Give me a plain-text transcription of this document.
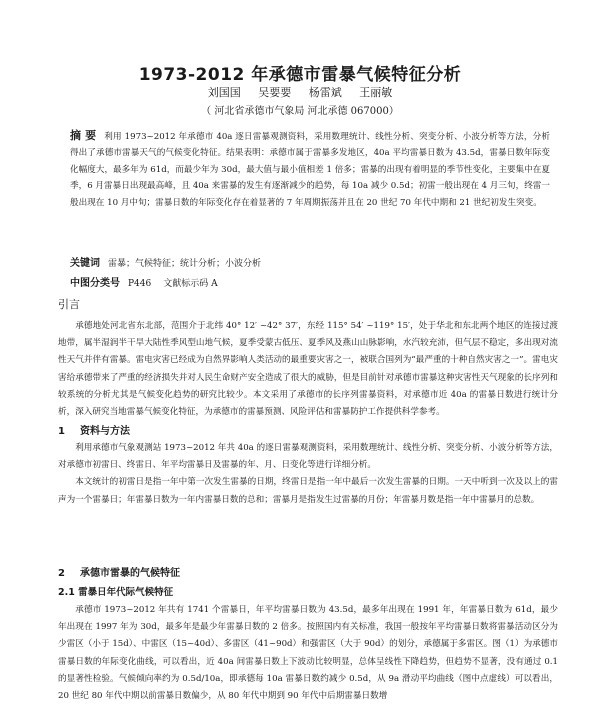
1973-2012 年承德市雷暴气候特征分析
刘国国 吴要要 杨雷斌 王丽敏
（ 河北省承德市气象局 河北承德 067000）
摘 要 利用 1973~2012 年承德市 40a 逐日雷暴观测资料，采用数理统计、线性分析、突变分析、小波分析等方法，分析得出了承德市雷暴天气的气候变化特征。结果表明：承德市属于雷暴多发地区，40a 平均雷暴日数为 43.5d，雷暴日数年际变化幅度大，最多年为 61d，而最少年为 30d，最大值与最小值相差 1 倍多；雷暴的出现有着明显的季节性变化，主要集中在夏季，6 月雷暴日出现最高峰，且 40a 来雷暴的发生有逐渐减少的趋势，每 10a 减少 0.5d；初雷一般出现在 4 月三旬，终雷一般出现在 10 月中旬；雷暴日数的年际变化存在着显著的 7 年周期振荡并且在 20 世纪 70 年代中期和 21 世纪初发生突变。
关键词 雷暴；气候特征；统计分析；小波分析
中图分类号 P446 文献标示码 A
引言

承德地处河北省东北部，范围介于北纬 40° 12′ ~42° 37′，东经 115° 54′ ~119° 15′，处于华北和东北两个地区的连接过渡地带，属半湿润半干旱大陆性季风型山地气候，夏季受蒙古低压、夏季风及燕山山脉影响，水汽较充沛，但气层不稳定，多出现对流性天气并伴有雷暴。雷电灾害已经成为自然界影响人类活动的最重要灾害之一，被联合国列为“最严重的十种自然灾害之一”。雷电灾害给承德带来了严重的经济损失并对人民生命财产安全造成了很大的威胁，但是目前针对承德市雷暴这种灾害性天气现象的长序列和较系统的分析尤其是气候变化趋势的研究比较少。本文采用了承德市的长序列雷暴资料，对承德市近 40a 的雷暴日数进行统计分析，深入研究当地雷暴气候变化特征，为承德市的雷暴预测、风险评估和雷暴防护工作提供科学参考。

1 资料与方法

利用承德市气象观测站 1973~2012 年共 40a 的逐日雷暴观测资料，采用数理统计、线性分析、突变分析、小波分析等方法，对承德市初雷日、终雷日、年平均雷暴日及雷暴的年、月、日变化等进行详细分析。

本文统计的初雷日是指一年中第一次发生雷暴的日期，终雷日是指一年中最后一次发生雷暴的日期。一天中听到一次及以上的雷声为一个雷暴日；年雷暴日数为一年内雷暴日数的总和；雷暴月是指发生过雷暴的月份；年雷暴月数是指一年中雷暴月的总数。

2 承德市雷暴的气候特征
2.1 雷暴日年代际气候特征

承德市 1973~2012 年共有 1741 个雷暴日，年平均雷暴日数为 43.5d，最多年出现在 1991 年，年雷暴日数为 61d，最少年出现在 1997 年为 30d，最多年是最少年雷暴日数的 2 倍多。按照国内有关标准，我国一般按年平均雷暴日数将雷暴活动区分为少雷区（小于 15d）、中雷区（15~40d）、多雷区（41~90d）和强雷区（大于 90d）的划分，承德属于多雷区。图（1）为承德市雷暴日数的年际变化曲线，可以看出，近 40a 间雷暴日数上下波动比较明显，总体呈线性下降趋势，但趋势不显著，没有通过 0.1 的显著性检验。气候倾向率约为 0.5d/10a，即承德每 10a 雷暴日数约减少 0.5d，从 9a 滑动平均曲线（图中点虚线）可以看出，20 世纪 80 年代中期以前雷暴日数偏少，从 80 年代中期到 90 年代中后期雷暴日数增
